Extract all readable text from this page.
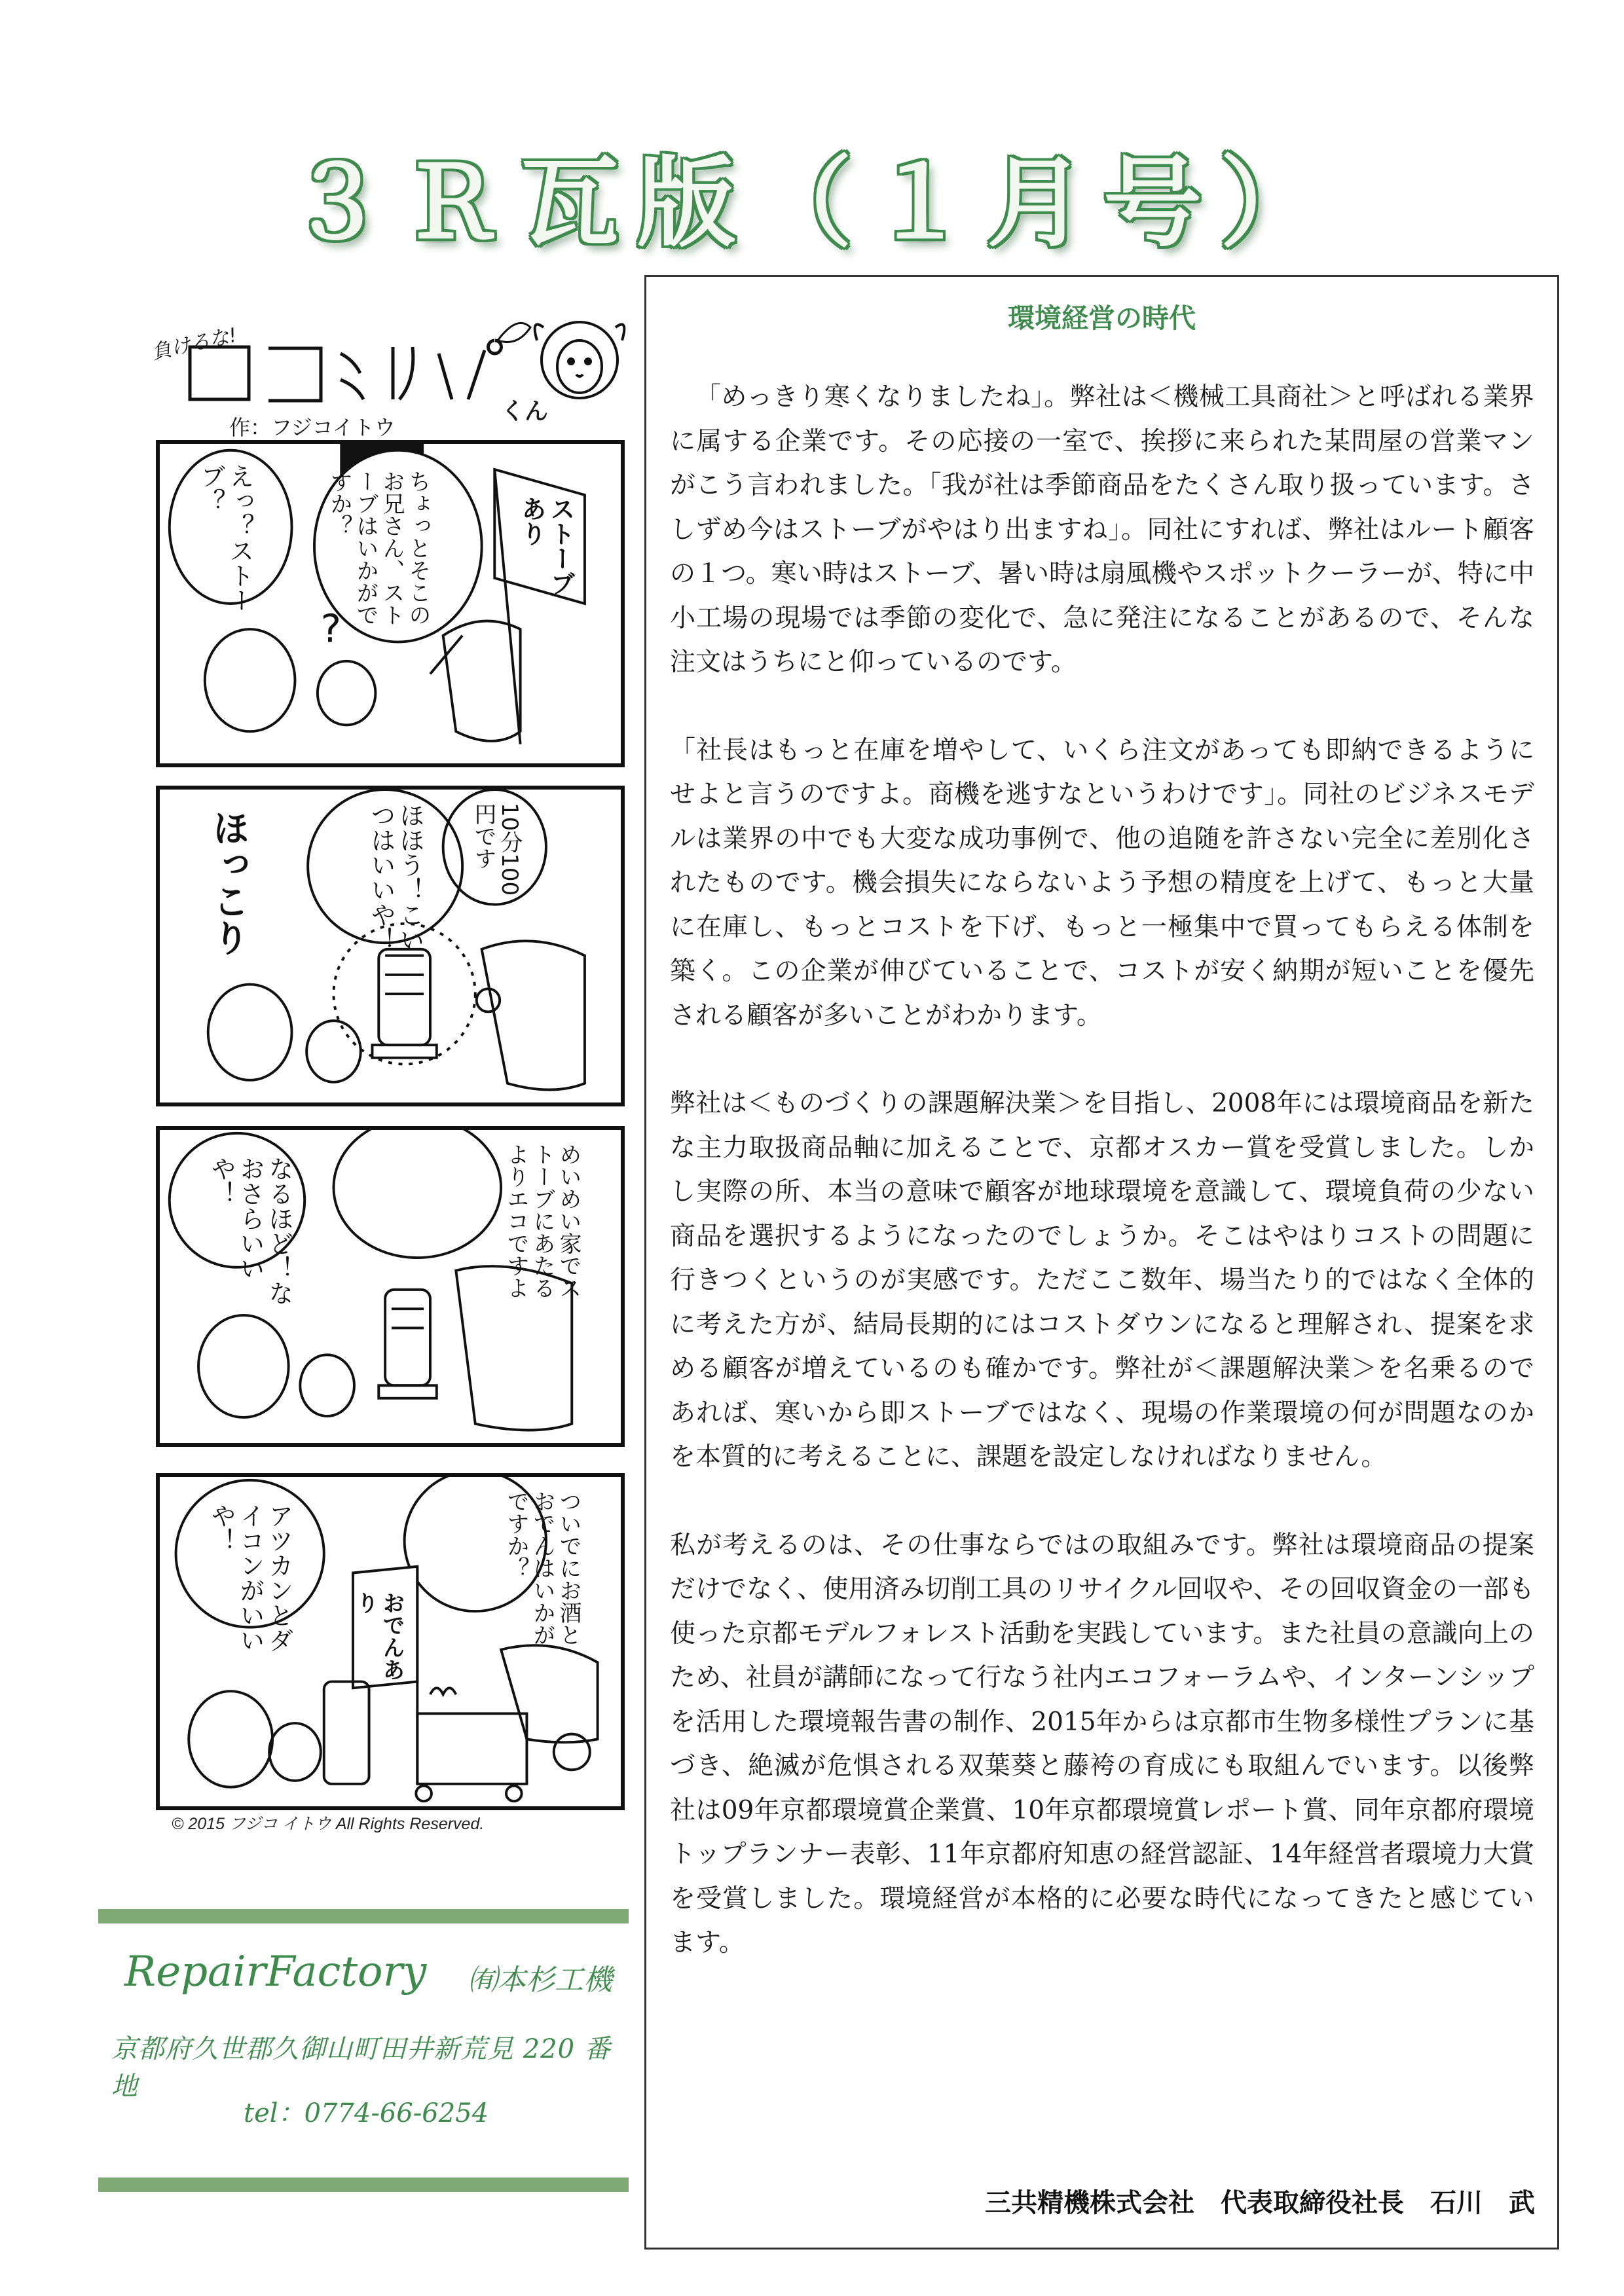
３Ｒ瓦版（１月号）
負けるな!
くん
作：フジコイトウ
?
えっ？ストーブ？	ちょっとそこのお兄さん、ストーブはいかがですか？	ストーブあり
ほっこり	ほほう！こいつはいいや！	10分100円です
なるほど！なおさらいいや！	めいめい家でストーブにあたるよりエコですよ
アツカンとダイコンがいいや！
おでんあり	ついでにお酒とおでんはいかがですか？
© 2015 フジコ イトウ All Rights Reserved.
RepairFactory ㈲本杉工機
京都府久世郡久御山町田井新荒見 220 番地
tel：0774-66-6254
環境経営の時代

「めっきり寒くなりましたね」。弊社は＜機械工具商社＞と呼ばれる業界に属する企業です。その応接の一室で、挨拶に来られた某問屋の営業マンがこう言われました。「我が社は季節商品をたくさん取り扱っています。さしずめ今はストーブがやはり出ますね」。同社にすれば、弊社はルート顧客の１つ。寒い時はストーブ、暑い時は扇風機やスポットクーラーが、特に中小工場の現場では季節の変化で、急に発注になることがあるので、そんな注文はうちにと仰っているのです。

「社長はもっと在庫を増やして、いくら注文があっても即納できるようにせよと言うのですよ。商機を逃すなというわけです」。同社のビジネスモデルは業界の中でも大変な成功事例で、他の追随を許さない完全に差別化されたものです。機会損失にならないよう予想の精度を上げて、もっと大量に在庫し、もっとコストを下げ、もっと一極集中で買ってもらえる体制を築く。この企業が伸びていることで、コストが安く納期が短いことを優先される顧客が多いことがわかります。

弊社は＜ものづくりの課題解決業＞を目指し、2008年には環境商品を新たな主力取扱商品軸に加えることで、京都オスカー賞を受賞しました。しかし実際の所、本当の意味で顧客が地球環境を意識して、環境負荷の少ない商品を選択するようになったのでしょうか。そこはやはりコストの問題に行きつくというのが実感です。ただここ数年、場当たり的ではなく全体的に考えた方が、結局長期的にはコストダウンになると理解され、提案を求める顧客が増えているのも確かです。弊社が＜課題解決業＞を名乗るのであれば、寒いから即ストーブではなく、現場の作業環境の何が問題なのかを本質的に考えることに、課題を設定しなければなりません。

私が考えるのは、その仕事ならではの取組みです。弊社は環境商品の提案だけでなく、使用済み切削工具のリサイクル回収や、その回収資金の一部も使った京都モデルフォレスト活動を実践しています。また社員の意識向上のため、社員が講師になって行なう社内エコフォーラムや、インターンシップを活用した環境報告書の制作、2015年からは京都市生物多様性プランに基づき、絶滅が危惧される双葉葵と藤袴の育成にも取組んでいます。以後弊社は09年京都環境賞企業賞、10年京都環境賞レポート賞、同年京都府環境トップランナー表彰、11年京都府知恵の経営認証、14年経営者環境力大賞を受賞しました。環境経営が本格的に必要な時代になってきたと感じています。

三共精機株式会社　代表取締役社長　石川　武
